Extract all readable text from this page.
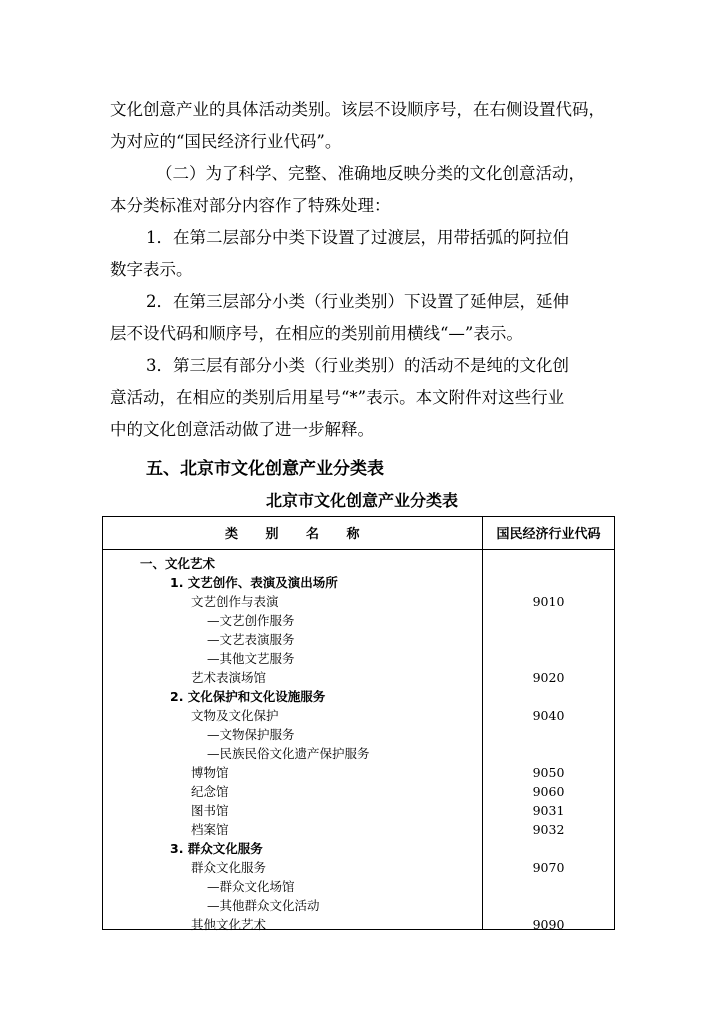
文化创意产业的具体活动类别。该层不设顺序号，在右侧设置代码，
为对应的“国民经济行业代码”。
（二）为了科学、完整、准确地反映分类的文化创意活动，
本分类标准对部分内容作了特殊处理：
1．在第二层部分中类下设置了过渡层，用带括弧的阿拉伯
数字表示。
2．在第三层部分小类（行业类别）下设置了延伸层，延伸
层不设代码和顺序号，在相应的类别前用横线“—”表示。
3．第三层有部分小类（行业类别）的活动不是纯的文化创
意活动，在相应的类别后用星号“*”表示。本文附件对这些行业
中的文化创意活动做了进一步解释。
五、北京市文化创意产业分类表
北京市文化创意产业分类表
类　　别　　名　　称	国民经济行业代码
一、文化艺术
1. 文艺创作、表演及演出场所
文艺创作与表演	9010
—文艺创作服务
—文艺表演服务
—其他文艺服务
艺术表演场馆	9020
2. 文化保护和文化设施服务
文物及文化保护	9040
—文物保护服务
—民族民俗文化遗产保护服务
博物馆	9050
纪念馆	9060
图书馆	9031
档案馆	9032
3. 群众文化服务
群众文化服务	9070
—群众文化场馆
—其他群众文化活动
其他文化艺术	9090
